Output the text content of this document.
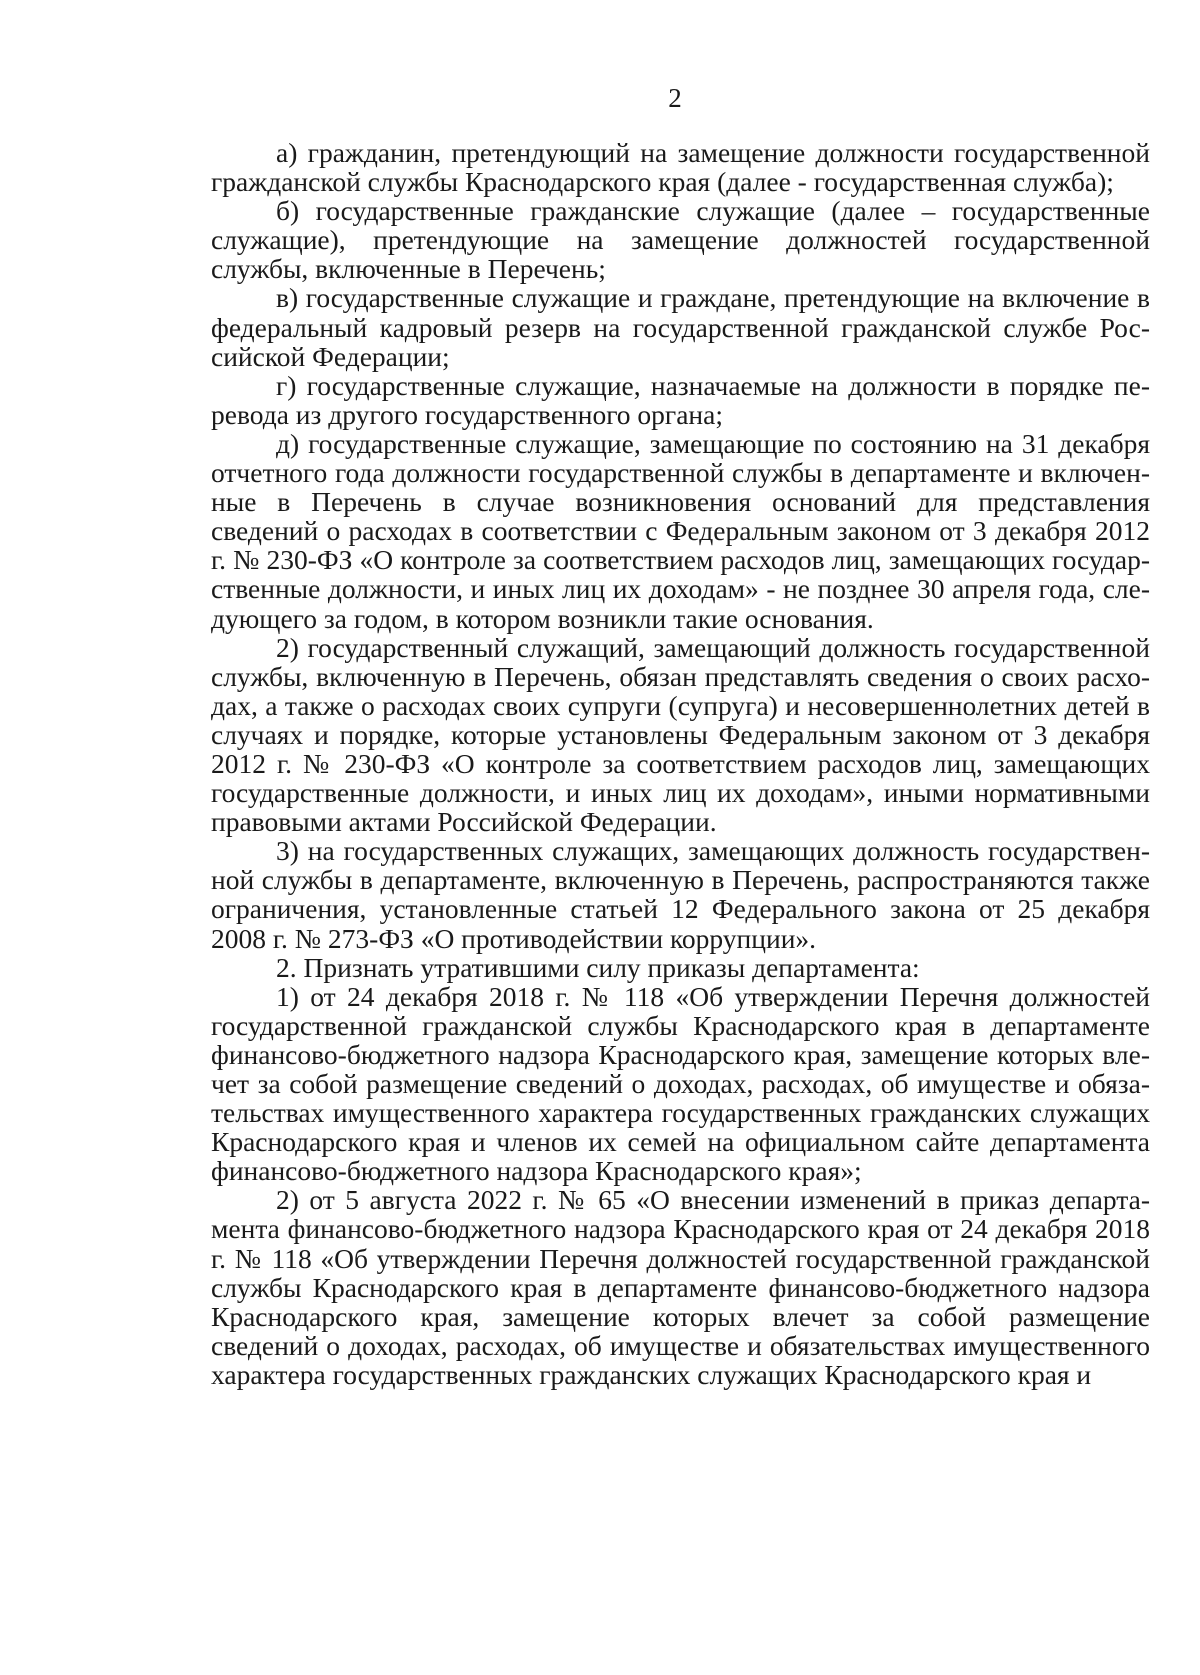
2

а) гражданин, претендующий на замещение должности государственной гражданской службы Краснодарского края (далее - государственная служба);

б) государственные гражданские служащие (далее – государственные служащие), претендующие на замещение должностей государственной службы, включенные в Перечень;

в) государственные служащие и граждане, претендующие на включение в федеральный кадровый резерв на государственной гражданской службе Российской Федерации;

г) государственные служащие, назначаемые на должности в порядке перевода из другого государственного органа;

д) государственные служащие, замещающие по состоянию на 31 декабря отчетного года должности государственной службы в департаменте и включенные в Перечень в случае возникновения оснований для представления сведений о расходах в соответствии с Федеральным законом от 3 декабря 2012 г. № 230-ФЗ «О контроле за соответствием расходов лиц, замещающих государственные должности, и иных лиц их доходам» - не позднее 30 апреля года, следующего за годом, в котором возникли такие основания.

2) государственный служащий, замещающий должность государственной службы, включенную в Перечень, обязан представлять сведения о своих расходах, а также о расходах своих супруги (супруга) и несовершеннолетних детей в случаях и порядке, которые установлены Федеральным законом от 3 декабря 2012 г. № 230-ФЗ «О контроле за соответствием расходов лиц, замещающих государственные должности, и иных лиц их доходам», иными нормативными правовыми актами Российской Федерации.

3) на государственных служащих, замещающих должность государственной службы в департаменте, включенную в Перечень, распространяются также ограничения, установленные статьей 12 Федерального закона от 25 декабря 2008 г. № 273-ФЗ «О противодействии коррупции».

2. Признать утратившими силу приказы департамента:

1) от 24 декабря 2018 г. № 118 «Об утверждении Перечня должностей государственной гражданской службы Краснодарского края в департаменте финансово-бюджетного надзора Краснодарского края, замещение которых влечет за собой размещение сведений о доходах, расходах, об имуществе и обязательствах имущественного характера государственных гражданских служащих Краснодарского края и членов их семей на официальном сайте департамента финансово-бюджетного надзора Краснодарского края»;

2) от 5 августа 2022 г. № 65 «О внесении изменений в приказ департамента финансово-бюджетного надзора Краснодарского края от 24 декабря 2018 г. № 118 «Об утверждении Перечня должностей государственной гражданской службы Краснодарского края в департаменте финансово-бюджетного надзора Краснодарского края, замещение которых влечет за собой размещение сведений о доходах, расходах, об имуществе и обязательствах имущественного характера государственных гражданских служащих Краснодарского края и
